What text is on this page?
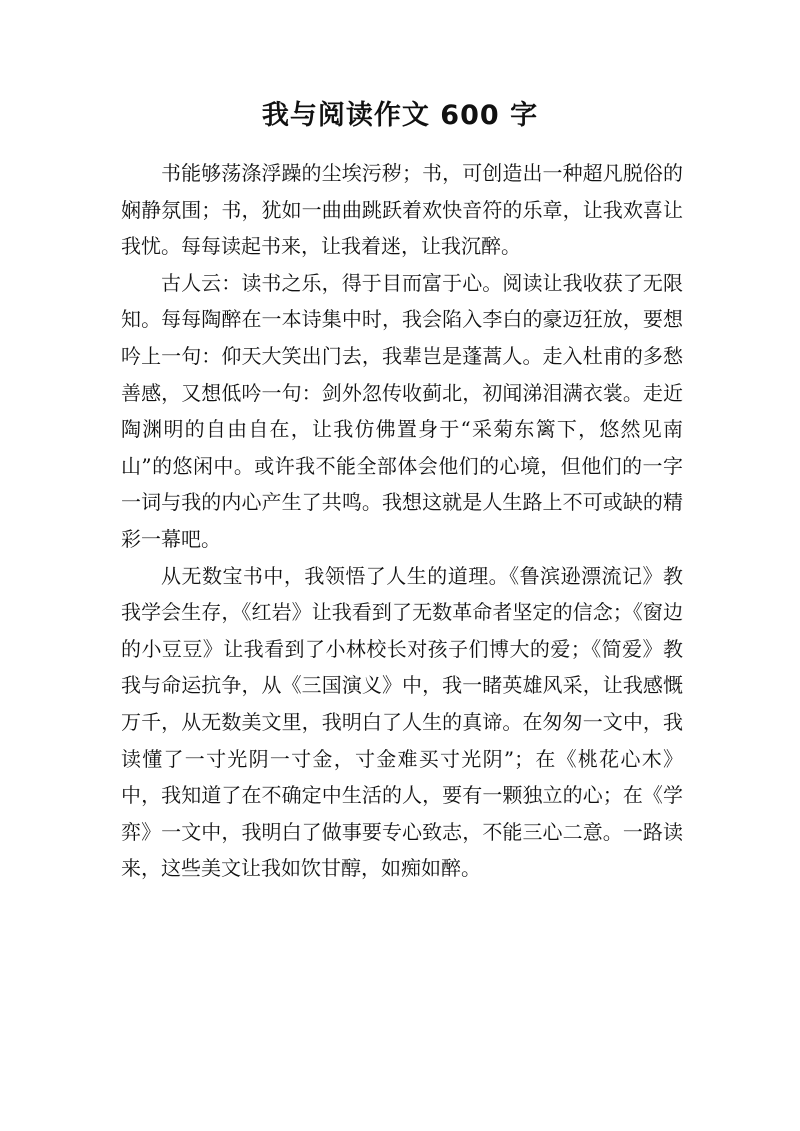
我与阅读作文 600 字

书能够荡涤浮躁的尘埃污秽；书，可创造出一种超凡脱俗的娴静氛围；书，犹如一曲曲跳跃着欢快音符的乐章，让我欢喜让我忧。每每读起书来，让我着迷，让我沉醉。

古人云：读书之乐，得于目而富于心。阅读让我收获了无限知。每每陶醉在一本诗集中时，我会陷入李白的豪迈狂放，要想吟上一句：仰天大笑出门去，我辈岂是蓬蒿人。走入杜甫的多愁善感，又想低吟一句：剑外忽传收蓟北，初闻涕泪满衣裳。走近陶渊明的自由自在，让我仿佛置身于“采菊东篱下，悠然见南山”的悠闲中。或许我不能全部体会他们的心境，但他们的一字一词与我的内心产生了共鸣。我想这就是人生路上不可或缺的精彩一幕吧。

从无数宝书中，我领悟了人生的道理。《鲁滨逊漂流记》教我学会生存，《红岩》让我看到了无数革命者坚定的信念；《窗边的小豆豆》让我看到了小林校长对孩子们博大的爱；《简爱》教我与命运抗争，从《三国演义》中，我一睹英雄风采，让我感慨万千，从无数美文里，我明白了人生的真谛。在匆匆一文中，我读懂了一寸光阴一寸金，寸金难买寸光阴”；在《桃花心木》中，我知道了在不确定中生活的人，要有一颗独立的心；在《学弈》一文中，我明白了做事要专心致志，不能三心二意。一路读来，这些美文让我如饮甘醇，如痴如醉。
